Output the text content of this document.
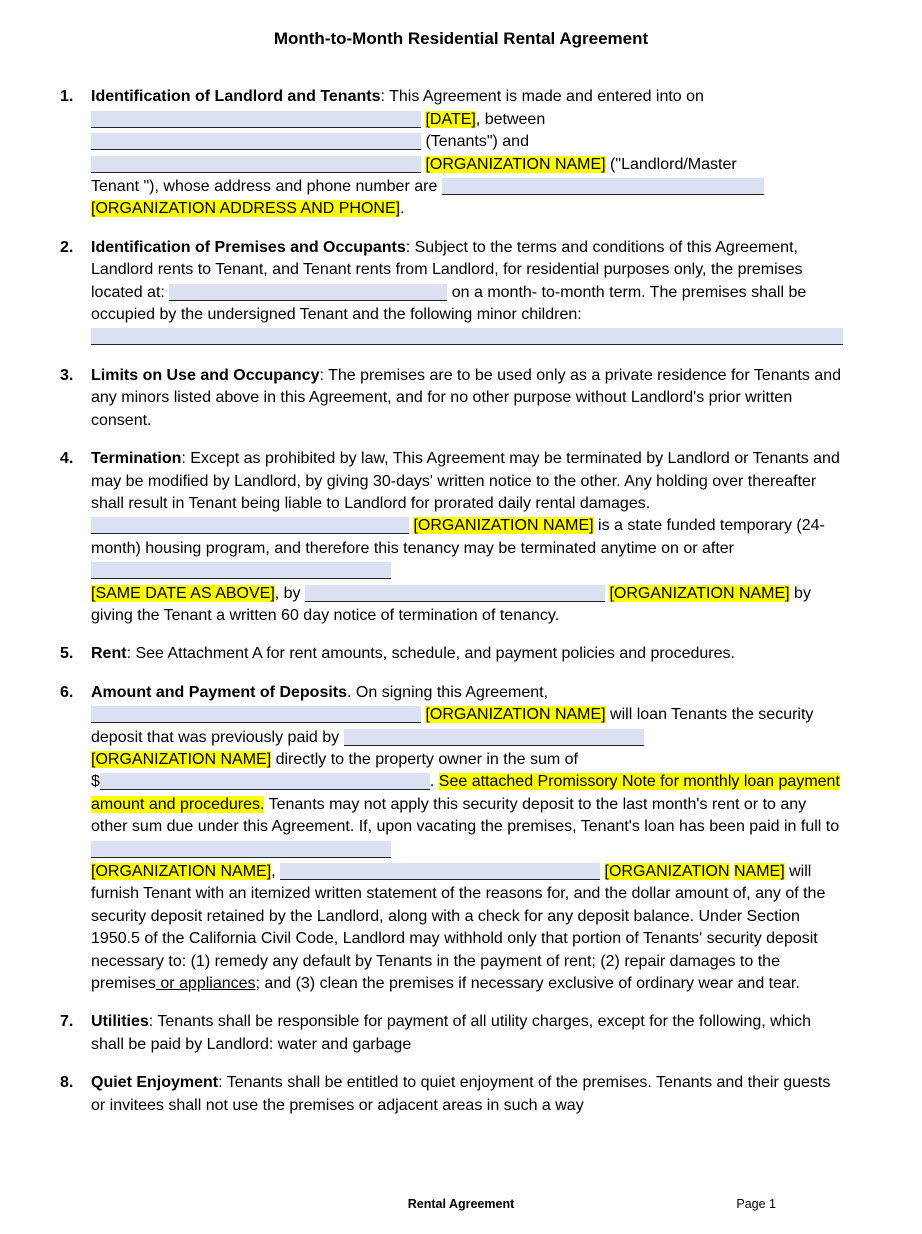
Month-to-Month Residential Rental Agreement
1.	Identification of Landlord and Tenants: This Agreement is made and entered into on
[DATE], between
(Tenants") and
[ORGANIZATION NAME] ("Landlord/Master
Tenant "), whose address and phone number are
[ORGANIZATION ADDRESS AND PHONE].
2.	Identification of Premises and Occupants: Subject to the terms and conditions of this Agreement, Landlord rents to Tenant, and Tenant rents from Landlord, for residential purposes only, the premises located at:	on a month- to-month term. The premises shall be occupied by the undersigned Tenant and the following minor children:

3.	Limits on Use and Occupancy: The premises are to be used only as a private residence for Tenants and any minors listed above in this Agreement, and for no other purpose without Landlord's prior written consent.
4.	Termination: Except as prohibited by law, This Agreement may be terminated by Landlord or Tenants and may be modified by Landlord, by giving 30-days' written notice to the other. Any holding over thereafter shall result in Tenant being liable to Landlord for prorated daily rental damages.  [ORGANIZATION NAME] is a state funded temporary (24-month) housing program, and therefore this tenancy may be terminated anytime on or after
[SAME DATE AS ABOVE], by	[ORGANIZATION NAME] by giving the Tenant a written 60 day notice of termination of tenancy.
5.	Rent: See Attachment A for rent amounts, schedule, and payment policies and procedures.
6.	Amount and Payment of Deposits. On signing this Agreement,
[ORGANIZATION NAME] will loan Tenants the security deposit that was previously paid by
[ORGANIZATION NAME] directly to the property owner in the sum of
$	. See attached Promissory Note for monthly loan payment amount and procedures. Tenants may not apply this security deposit to the last month's rent or to any other sum due under this Agreement. If, upon vacating the premises, Tenant's loan has been paid in full to
[ORGANIZATION NAME],	[ORGANIZATION NAME] will furnish Tenant with an itemized written statement of the reasons for, and the dollar amount of, any of the security deposit retained by the Landlord, along with a check for any deposit balance. Under Section 1950.5 of the California Civil Code, Landlord may withhold only that portion of Tenants' security deposit necessary to: (1) remedy any default by Tenants in the payment of rent; (2) repair damages to the premises or appliances; and (3) clean the premises if necessary exclusive of ordinary wear and tear.
7.	Utilities: Tenants shall be responsible for payment of all utility charges, except for the following, which shall be paid by Landlord: water and garbage
8.	Quiet Enjoyment: Tenants shall be entitled to quiet enjoyment of the premises. Tenants and their guests or invitees shall not use the premises or adjacent areas in such a way
Rental Agreement	Page 1
